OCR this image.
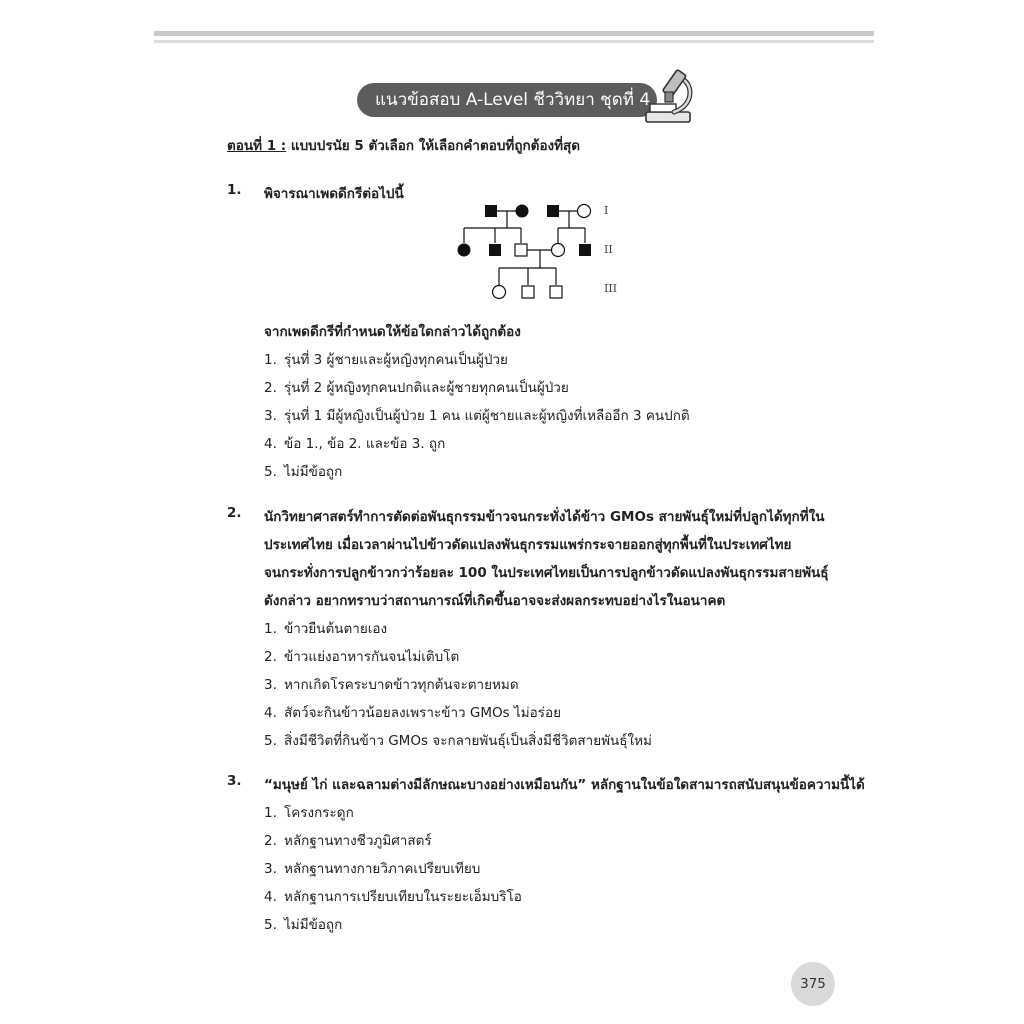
แนวข้อสอบ A-Level ชีววิทยา ชุดที่ 4
ตอนที่ 1 : แบบปรนัย 5 ตัวเลือก ให้เลือกคำตอบที่ถูกต้องที่สุด
1. พิจารณาเพดดีกรีต่อไปนี้
I
II
III
จากเพดดีกรีที่กำหนดให้ข้อใดกล่าวได้ถูกต้อง
1. รุ่นที่ 3 ผู้ชายและผู้หญิงทุกคนเป็นผู้ป่วย
2. รุ่นที่ 2 ผู้หญิงทุกคนปกติและผู้ชายทุกคนเป็นผู้ป่วย
3. รุ่นที่ 1 มีผู้หญิงเป็นผู้ป่วย 1 คน แต่ผู้ชายและผู้หญิงที่เหลืออีก 3 คนปกติ
4. ข้อ 1., ข้อ 2. และข้อ 3. ถูก
5. ไม่มีข้อถูก
2. นักวิทยาศาสตร์ทำการตัดต่อพันธุกรรมข้าวจนกระทั่งได้ข้าว GMOs สายพันธุ์ใหม่ที่ปลูกได้ทุกที่ใน
ประเทศไทย เมื่อเวลาผ่านไปข้าวดัดแปลงพันธุกรรมแพร่กระจายออกสู่ทุกพื้นที่ในประเทศไทย
จนกระทั่งการปลูกข้าวกว่าร้อยละ 100 ในประเทศไทยเป็นการปลูกข้าวดัดแปลงพันธุกรรมสายพันธุ์
ดังกล่าว อยากทราบว่าสถานการณ์ที่เกิดขึ้นอาจจะส่งผลกระทบอย่างไรในอนาคต
1. ข้าวยืนต้นตายเอง
2. ข้าวแย่งอาหารกันจนไม่เติบโต
3. หากเกิดโรคระบาดข้าวทุกต้นจะตายหมด
4. สัตว์จะกินข้าวน้อยลงเพราะข้าว GMOs ไม่อร่อย
5. สิ่งมีชีวิตที่กินข้าว GMOs จะกลายพันธุ์เป็นสิ่งมีชีวิตสายพันธุ์ใหม่
3. “มนุษย์ ไก่ และฉลามต่างมีลักษณะบางอย่างเหมือนกัน” หลักฐานในข้อใดสามารถสนับสนุนข้อความนี้ได้
1. โครงกระดูก
2. หลักฐานทางชีวภูมิศาสตร์
3. หลักฐานทางกายวิภาคเปรียบเทียบ
4. หลักฐานการเปรียบเทียบในระยะเอ็มบริโอ
5. ไม่มีข้อถูก
375
